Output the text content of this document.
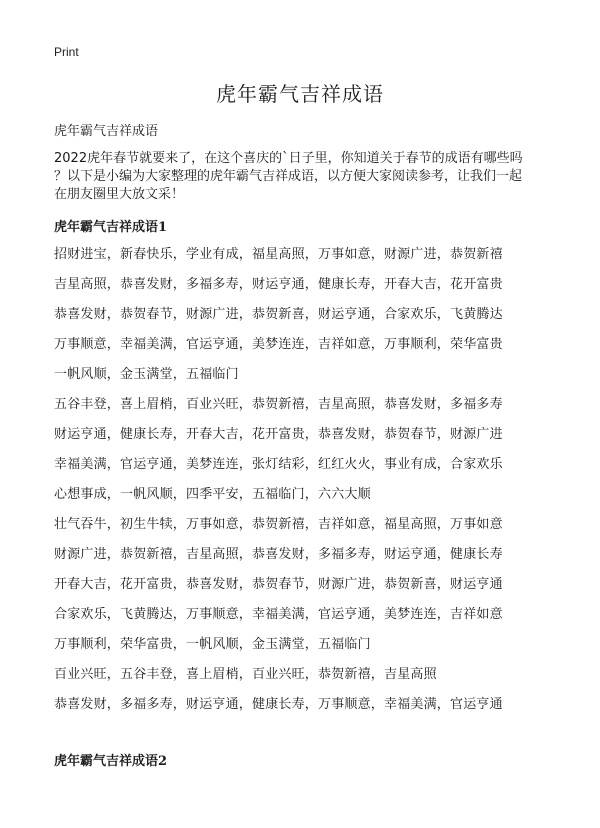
Print
虎年霸气吉祥成语
虎年霸气吉祥成语
2022虎年春节就要来了，在这个喜庆的`日子里，你知道关于春节的成语有哪些吗
？以下是小编为大家整理的虎年霸气吉祥成语，以方便大家阅读参考，让我们一起
在朋友圈里大放文采！
虎年霸气吉祥成语1
招财进宝，新春快乐，学业有成，福星高照，万事如意，财源广进，恭贺新禧
吉星高照，恭喜发财，多福多寿，财运亨通，健康长寿，开春大吉，花开富贵
恭喜发财，恭贺春节，财源广进，恭贺新喜，财运亨通，合家欢乐，飞黄腾达
万事顺意，幸福美满，官运亨通，美梦连连，吉祥如意，万事顺利，荣华富贵
一帆风顺，金玉满堂，五福临门
五谷丰登，喜上眉梢，百业兴旺，恭贺新禧，吉星高照，恭喜发财，多福多寿
财运亨通，健康长寿，开春大吉，花开富贵，恭喜发财，恭贺春节，财源广进
幸福美满，官运亨通，美梦连连，张灯结彩，红红火火，事业有成，合家欢乐
心想事成，一帆风顺，四季平安，五福临门，六六大顺
壮气吞牛，初生牛犊，万事如意，恭贺新禧，吉祥如意，福星高照，万事如意
财源广进，恭贺新禧，吉星高照，恭喜发财，多福多寿，财运亨通，健康长寿
开春大吉，花开富贵，恭喜发财，恭贺春节，财源广进，恭贺新喜，财运亨通
合家欢乐，飞黄腾达，万事顺意，幸福美满，官运亨通，美梦连连，吉祥如意
万事顺利，荣华富贵，一帆风顺，金玉满堂，五福临门
百业兴旺，五谷丰登，喜上眉梢，百业兴旺，恭贺新禧，吉星高照
恭喜发财，多福多寿，财运亨通，健康长寿，万事顺意，幸福美满，官运亨通
虎年霸气吉祥成语2
